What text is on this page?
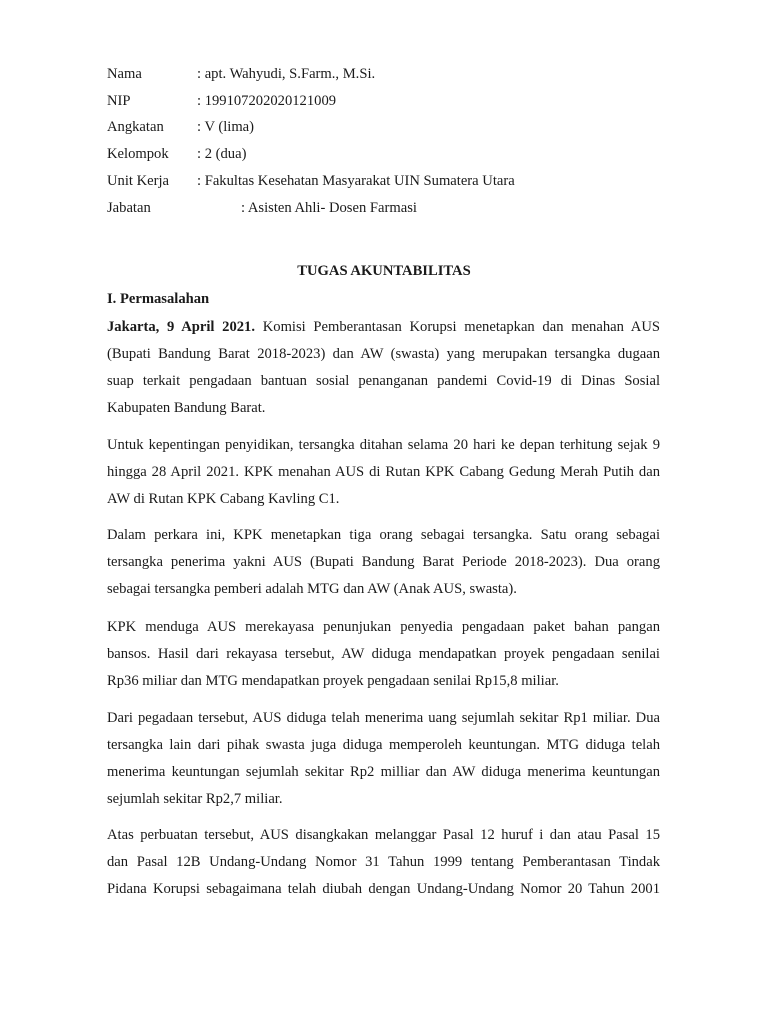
Nama	: apt. Wahyudi, S.Farm., M.Si.
NIP	: 199107202020121009
Angkatan : V (lima)
Kelompok : 2 (dua)
Unit Kerja : Fakultas Kesehatan Masyarakat UIN Sumatera Utara
Jabatan	: Asisten Ahli- Dosen Farmasi
TUGAS AKUNTABILITAS
I. Permasalahan
Jakarta, 9 April 2021. Komisi Pemberantasan Korupsi menetapkan dan menahan AUS
(Bupati Bandung Barat 2018-2023) dan AW (swasta) yang merupakan tersangka dugaan
suap terkait pengadaan bantuan sosial penanganan pandemi Covid-19 di Dinas Sosial
Kabupaten Bandung Barat.
Untuk kepentingan penyidikan, tersangka ditahan selama 20 hari ke depan terhitung sejak 9
hingga 28 April 2021. KPK menahan AUS di Rutan KPK Cabang Gedung Merah Putih dan
AW di Rutan KPK Cabang Kavling C1.
Dalam perkara ini, KPK menetapkan tiga orang sebagai tersangka. Satu orang sebagai
tersangka penerima yakni AUS (Bupati Bandung Barat Periode 2018-2023). Dua orang
sebagai tersangka pemberi adalah MTG dan AW (Anak AUS, swasta).
KPK menduga AUS merekayasa penunjukan penyedia pengadaan paket bahan pangan
bansos. Hasil dari rekayasa tersebut, AW diduga mendapatkan proyek pengadaan senilai
Rp36 miliar dan MTG mendapatkan proyek pengadaan senilai Rp15,8 miliar.
Dari pegadaan tersebut, AUS diduga telah menerima uang sejumlah sekitar Rp1 miliar. Dua
tersangka lain dari pihak swasta juga diduga memperoleh keuntungan. MTG diduga telah
menerima keuntungan sejumlah sekitar Rp2 milliar dan AW diduga menerima keuntungan
sejumlah sekitar Rp2,7 miliar.
Atas perbuatan tersebut, AUS disangkakan melanggar Pasal 12 huruf i dan atau Pasal 15
dan Pasal 12B Undang-Undang Nomor 31 Tahun 1999 tentang Pemberantasan Tindak
Pidana Korupsi sebagaimana telah diubah dengan Undang-Undang Nomor 20 Tahun 2001
